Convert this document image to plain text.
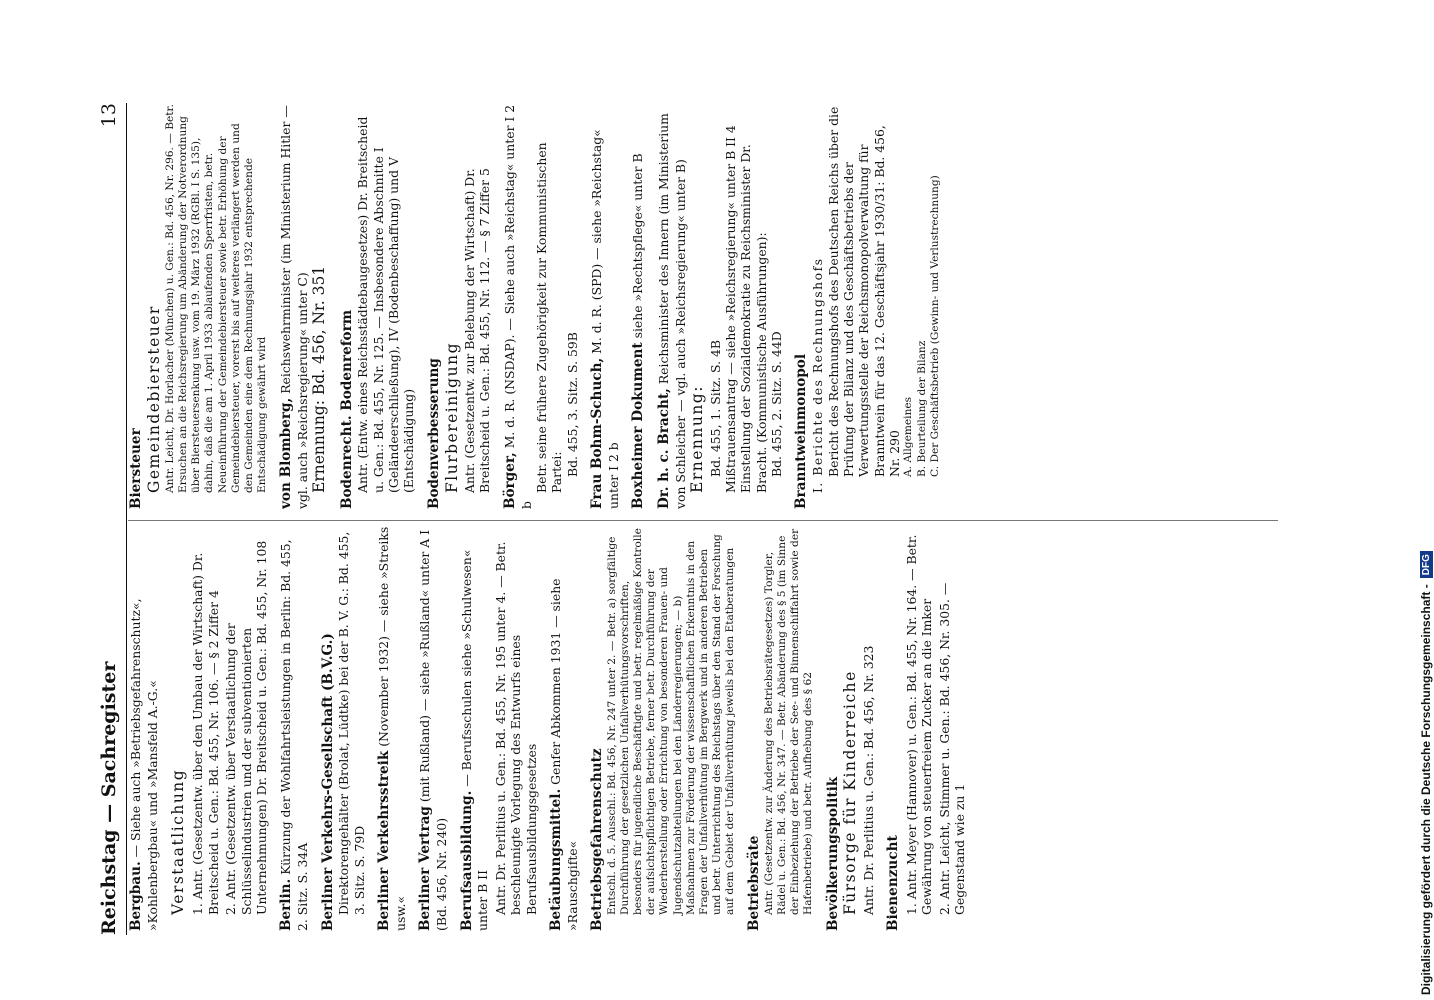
Reichstag — Sachregister
13
Bergbau. — Siehe auch »Betriebsgefahrenschutz«, »Kohlenbergbau« und »Mansfeld A.-G.« Verstaatlichung 1. Antr. (Gesetzentw. über den Umbau der Wirtschaft) Dr. Breitscheid u. Gen.: Bd. 455, Nr. 106. — § 2 Ziffer 4 2. Antr. (Gesetzentw. über Verstaatlichung der Schlüsselindustrien und der subventionierten Unternehmungen) Dr. Breitscheid u. Gen.: Bd. 455, Nr. 108 Berlin. Kürzung der Wohlfahrtsleistungen in Berlin: Bd. 455, 2. Sitz. S. 34A Berliner Verkehrs-Gesellschaft (B.V.G.) Direktorengehälter (Brolat, Lüdtke) bei der B. V. G.: Bd. 455, 3. Sitz. S. 79D Berliner Verkehrsstreik (November 1932) — siehe »Streiks usw.« Berliner Vertrag (mit Rußland) — siehe »Rußland« unter A I (Bd. 456, Nr. 240) Berufsausbildung. — Berufsschulen siehe »Schulwesen« unter B II Antr. Dr. Perlitius u. Gen.: Bd. 455, Nr. 195 unter 4. — Betr. beschleunigte Vorlegung des Entwurfs eines Berufsausbildungsgesetzes Betäubungsmittel. Genfer Abkommen 1931 — siehe »Rauschgifte« Betriebsgefahrenschutz Entschl. d. 5. Ausschl.: Bd. 456, Nr. 247 unter 2. — Betr. a) sorgfältige Durchführung der gesetzlichen Unfallverhütungsvorschriften, besonders für jugendliche Beschäftigte und betr. regelmäßige Kontrolle der aufsichtspflichtigen Betriebe, ferner betr. Durchführung der Wiederherstellung oder Errichtung von besonderen Frauen- und Jugendschutzabteilungen bei den Länderregierungen; — b) Maßnahmen zur Förderung der wissenschaftlichen Erkenntnis in den Fragen der Unfallverhütung im Bergwerk und in anderen Betrieben und betr. Unterrichtung des Reichstags über den Stand der Forschung auf dem Gebiet der Unfallverhütung jeweils bei den Etatberatungen Betriebsräte Antr. (Gesetzentw. zur Änderung des Betriebsrätegesetzes) Torgler, Rädel u. Gen.: Bd. 456, Nr. 347. — Betr. Abänderung des § 5 (im Sinne der Einbeziehung der Betriebe der See- und Binnenschiffahrt sowie der Hafenbetriebe) und betr. Aufhebung des § 62 Bevölkerungspolitik Fürsorge für Kinderreiche Antr. Dr. Perlitius u. Gen.: Bd. 456, Nr. 323 Bienenzucht 1. Antr. Meyer (Hannover) u. Gen.: Bd. 455, Nr. 164. — Betr. Gewährung von steuerfreiem Zucker an die Imker 2. Antr. Leicht, Stimmer u. Gen.: Bd. 456, Nr. 305. — Gegenstand wie zu 1
Biersteuer Gemeindebiersteuer Antr. Leicht, Dr. Horlacher (München) u. Gen.: Bd. 456, Nr. 296. — Betr. Ersuchen an die Reichsregierung um Abänderung der Notverordnung über Biersteuersenkung usw. vom 19. März 1932 (RGBl. I S. 135), dahin, daß die am 1. April 1933 ablaufenden Sperrfristen, betr. Neueinführung der Gemeindebiersteuer sowie betr. Erhöhung der Gemeindebiersteuer, vorerst bis auf weiteres verlängert werden und den Gemeinden eine dem Rechnungsjahr 1932 entsprechende Entschädigung gewährt wird von Blomberg, Reichswehrminister (im Ministerium Hitler — vgl. auch »Reichsregierung« unter C) Ernennung: Bd. 456, Nr. 351 Bodenrecht. Bodenreform Antr. (Entw. eines Reichsstädtebaugesetzes) Dr. Breitscheid u. Gen.: Bd. 455, Nr. 125. — Insbesondere Abschnitte I (Geländeerschließung), IV (Bodenbeschaffung) und V (Entschädigung) Bodenverbesserung Flurbereinigung Antr. (Gesetzentw. zur Belebung der Wirtschaft) Dr. Breitscheid u. Gen.: Bd. 455, Nr. 112. — § 7 Ziffer 5 Börger, M. d. R. (NSDAP). — Siehe auch »Reichstag« unter I 2 b
Betr. seine frühere Zugehörigkeit zur Kommunistischen Partei: Bd. 455, 3. Sitz. S. 59B Frau Bohm-Schuch, M. d. R. (SPD) — siehe »Reichstag« unter I 2 b Boxheimer Dokument siehe »Rechtspflege« unter B
Dr. h. c. Bracht, Reichsminister des Innern (im Ministerium von Schleicher — vgl. auch »Reichsregierung« unter B) Ernennung: Bd. 455, 1. Sitz. S. 4B Mißtrauensantrag — siehe »Reichsregierung« unter B II 4 Einstellung der Sozialdemokratie zu Reichsminister Dr. Bracht. (Kommunistische Ausführungen): Bd. 455, 2. Sitz. S. 44D Branntweinmonopol I. Berichte des Rechnungshofs Bericht des Rechnungshofs des Deutschen Reichs über die Prüfung der Bilanz und des Geschäftsbetriebs der Verwertungsstelle der Reichsmonopolverwaltung für Branntwein für das 12. Geschäftsjahr 1930/31: Bd. 456, Nr. 290 A. Allgemeines B. Beurteilung der Bilanz C. Der Geschäftsbetrieb (Gewinn- und Verlustrechnung)
Digitalisierung gefördert durch die Deutsche Forschungsgemeinschaft -
DFG
